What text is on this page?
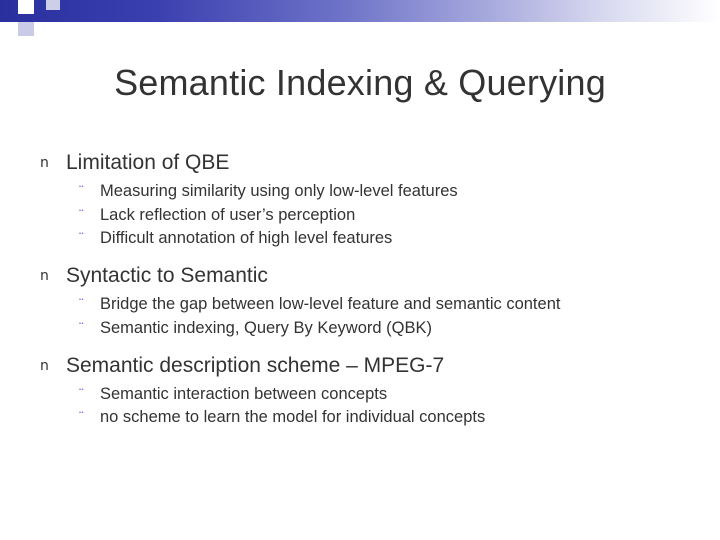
Semantic Indexing & Querying
n Limitation of QBE
¨ Measuring similarity using only low-level features
¨ Lack reflection of user’s perception
¨ Difficult annotation of high level features
n Syntactic to Semantic
¨ Bridge the gap between low-level feature and semantic content
¨ Semantic indexing, Query By Keyword (QBK)
n Semantic description scheme – MPEG-7
¨ Semantic interaction between concepts
¨ no scheme to learn the model for individual concepts
